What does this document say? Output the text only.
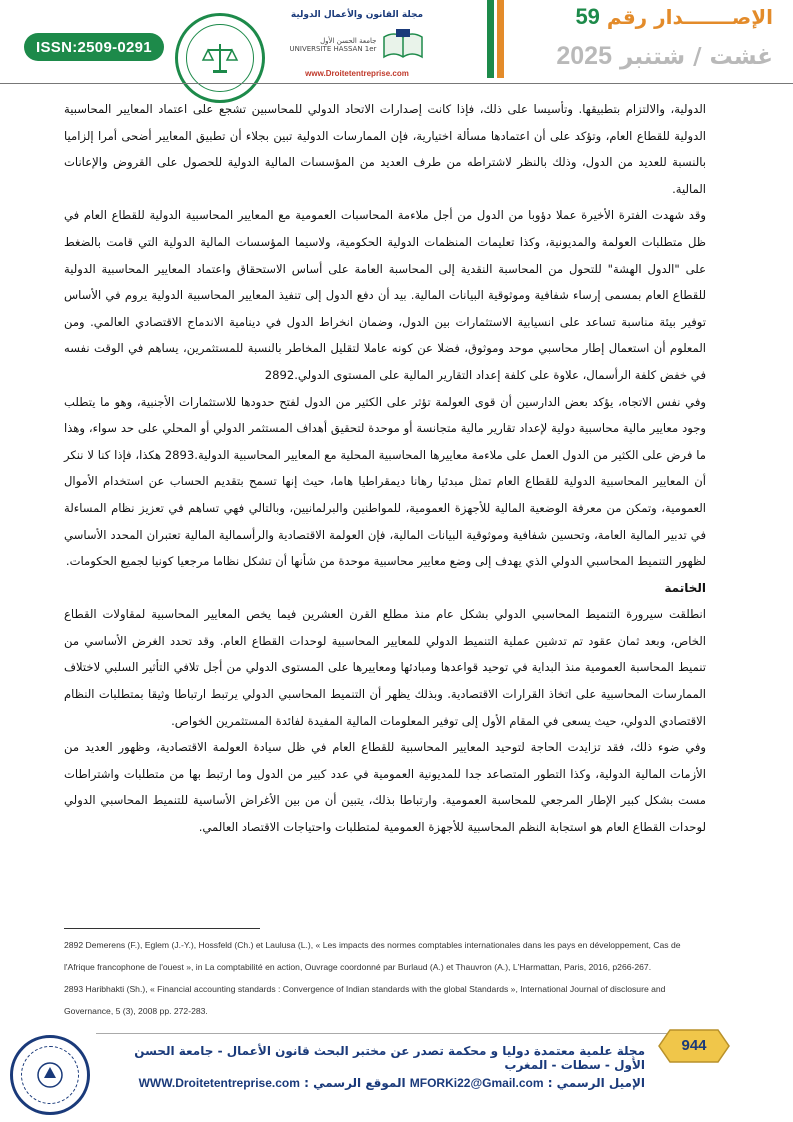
ISSN:2509-0291
مجلة القانون والأعمال الدولية
جامعة الحسن الأول
UNIVERSITE HASSAN 1er
www.Droitetentreprise.com
الإصـــــــدار رقم 59
غشت / شتنبر 2025

الدولية، والالتزام بتطبيقها. وتأسيسا على ذلك، فإذا كانت إصدارات الاتحاد الدولي للمحاسبين تشجع على اعتماد المعايير المحاسبية الدولية للقطاع العام، وتؤكد على أن اعتمادها مسألة اختيارية، فإن الممارسات الدولية تبين بجلاء أن تطبيق المعايير أضحى أمرا إلزاميا بالنسبة للعديد من الدول، وذلك بالنظر لاشتراطه من طرف العديد من المؤسسات المالية الدولية للحصول على القروض والإعانات المالية.

وقد شهدت الفترة الأخيرة عملا دؤوبا من الدول من أجل ملاءمة المحاسبات العمومية مع المعايير المحاسبية الدولية للقطاع العام في ظل متطلبات العولمة والمديونية، وكذا تعليمات المنظمات الدولية الحكومية، ولاسيما المؤسسات المالية الدولية التي قامت بالضغط على "الدول الهشة" للتحول من المحاسبة النقدية إلى المحاسبة العامة على أساس الاستحقاق واعتماد المعايير المحاسبية الدولية للقطاع العام بمسمى إرساء شفافية وموثوقية البيانات المالية. بيد أن دفع الدول إلى تنفيذ المعايير المحاسبية الدولية يروم في الأساس توفير بيئة مناسبة تساعد على انسيابية الاستثمارات بين الدول، وضمان انخراط الدول في دينامية الاندماج الاقتصادي العالمي. ومن المعلوم أن استعمال إطار محاسبي موحد وموثوق، فضلا عن كونه عاملا لتقليل المخاطر بالنسبة للمستثمرين، يساهم في الوقت نفسه في خفض كلفة الرأسمال، علاوة على كلفة إعداد التقارير المالية على المستوى الدولي.2892

وفي نفس الاتجاه، يؤكد بعض الدارسين أن قوى العولمة تؤثر على الكثير من الدول لفتح حدودها للاستثمارات الأجنبية، وهو ما يتطلب وجود معايير مالية محاسبية دولية لإعداد تقارير مالية متجانسة أو موحدة لتحقيق أهداف المستثمر الدولي أو المحلي على حد سواء، وهذا ما فرض على الكثير من الدول العمل على ملاءمة معاييرها المحاسبية المحلية مع المعايير المحاسبية الدولية.2893 هكذا، فإذا كنا لا ننكر أن المعايير المحاسبية الدولية للقطاع العام تمثل مبدئيا رهانا ديمقراطيا هاما، حيث إنها تسمح بتقديم الحساب عن استخدام الأموال العمومية، وتمكن من معرفة الوضعية المالية للأجهزة العمومية، للمواطنين والبرلمانيين، وبالتالي فهي تساهم في تعزيز نظام المساءلة في تدبير المالية العامة، وتحسين شفافية وموثوقية البيانات المالية، فإن العولمة الاقتصادية والرأسمالية المالية تعتبران المحدد الأساسي لظهور التنميط المحاسبي الدولي الذي يهدف إلى وضع معايير محاسبية موحدة من شأنها أن تشكل نظاما مرجعيا كونيا لجميع الحكومات.

الخاتمة

انطلقت سيرورة التنميط المحاسبي الدولي بشكل عام منذ مطلع القرن العشرين فيما يخص المعايير المحاسبية لمقاولات القطاع الخاص، وبعد ثمان عقود تم تدشين عملية التنميط الدولي للمعايير المحاسبية لوحدات القطاع العام. وقد تحدد الغرض الأساسي من تنميط المحاسبة العمومية منذ البداية في توحيد قواعدها ومبادئها ومعاييرها على المستوى الدولي من أجل تلافي التأثير السلبي لاختلاف الممارسات المحاسبية على اتخاذ القرارات الاقتصادية. وبذلك يظهر أن التنميط المحاسبي الدولي يرتبط ارتباطا وثيقا بمتطلبات النظام الاقتصادي الدولي، حيث يسعى في المقام الأول إلى توفير المعلومات المالية المفيدة لفائدة المستثمرين الخواص.

وفي ضوء ذلك، فقد تزايدت الحاجة لتوحيد المعايير المحاسبية للقطاع العام في ظل سيادة العولمة الاقتصادية، وظهور العديد من الأزمات المالية الدولية، وكذا التطور المتصاعد جدا للمديونية العمومية في عدد كبير من الدول وما ارتبط بها من متطلبات واشتراطات مست بشكل كبير الإطار المرجعي للمحاسبة العمومية. وارتباطا بذلك، يتبين أن من بين الأغراض الأساسية للتنميط المحاسبي الدولي لوحدات القطاع العام هو استجابة النظم المحاسبية للأجهزة العمومية لمتطلبات واحتياجات الاقتصاد العالمي.

2892 Demerens (F.), Eglem (J.-Y.), Hossfeld (Ch.) et Laulusa (L.), « Les impacts des normes comptables internationales dans les pays en développement, Cas de l'Afrique francophone de l'ouest », in La comptabilité en action, Ouvrage coordonné par Burlaud (A.) et Thauvron (A.), L'Harmattan, Paris, 2016, p266-267.

2893 Haribhakti (Sh.), « Financial accounting standards : Convergence of Indian standards with the global Standards », International Journal of disclosure and Governance, 5 (3), 2008 pp. 272-283.

مجلة علمية معتمدة دوليا و محكمة تصدر عن مختبر البحث قانون الأعمال - جامعة الحسن الأول - سطات - المغرب
الإميل الرسمي : MFORKi22@Gmail.com الموقع الرسمي : WWW.Droitetentreprise.com
944
